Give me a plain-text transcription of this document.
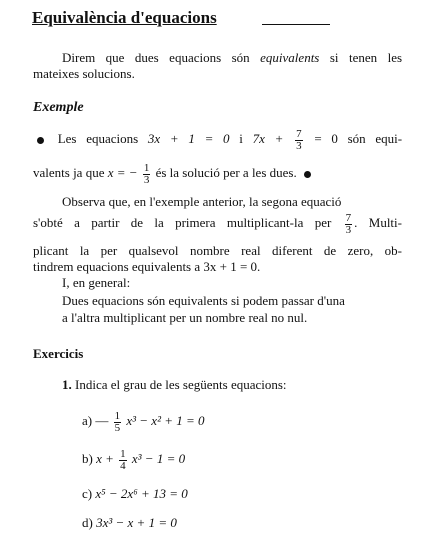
Equivalència d'equacions
Direm que dues equacions són equivalents si tenen les
mateixes solucions.
Exemple
Les equacions 3x + 1 = 0 i $7x + \frac{7}{3} = 0$ són equi-
valents ja que x = − $\frac{1}{3}$ és la solució per a les dues.
Observa que, en l'exemple anterior, la segona equació
s'obté a partir de la primera multiplicant-la per $\frac{7}{3}$ . Multi-
plicant la per qualsevol nombre real diferent de zero, ob-
tindrem equacions equivalents a 3x + 1 = 0.
I, en general:
Dues equacions són equivalents si podem passar d'una
a l'altra multiplicant per un nombre real no nul.
Exercicis
1. Indica el grau de les següents equacions:
a) — $\frac{1}{5} x^3 - x^2 + 1 = 0$
b) $x + \frac{1}{4} x^3 - 1 = 0$
c) x⁵ − 2x⁶ + 13 = 0
d) 3x³ − x + 1 = 0
